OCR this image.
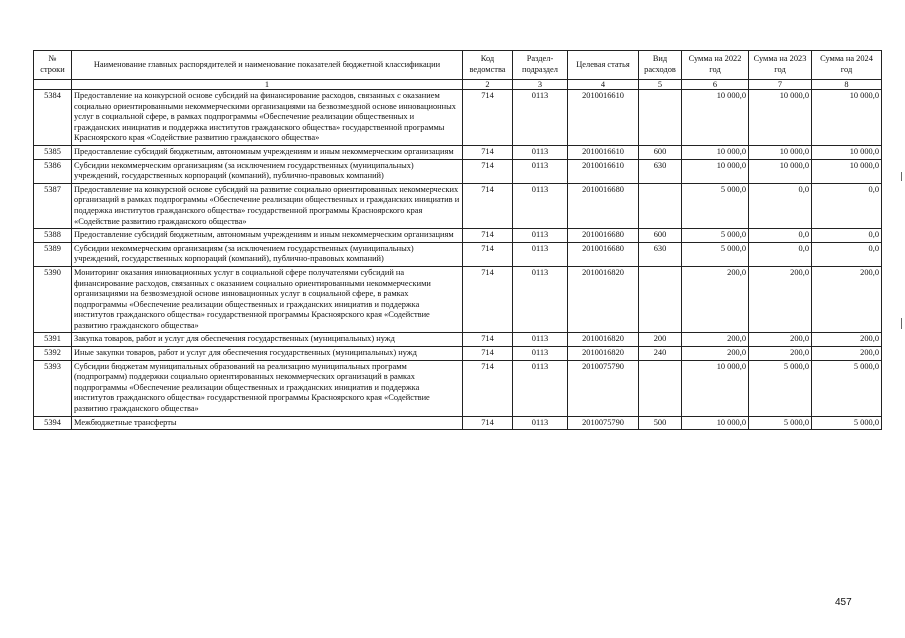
№ строки	Наименование главных распорядителей и наименование показателей бюджетной классификации	Код ведомства	Раздел-подраздел	Целевая статья	Вид расходов	Сумма на 2022 год	Сумма на 2023 год	Сумма на 2024 год
	1	2	3	4	5	6	7	8
5384	Предоставление на конкурсной основе субсидий на финансирование расходов, связанных с оказанием социально ориентированными некоммерческими организациями на безвозмездной основе инновационных услуг в социальной сфере, в рамках подпрограммы «Обеспечение реализации общественных и гражданских инициатив и поддержка институтов гражданского общества» государственной программы Красноярского края «Содействие развитию гражданского общества»	714	0113	2010016610		10 000,0	10 000,0	10 000,0
5385	Предоставление субсидий бюджетным, автономным учреждениям и иным некоммерческим организациям	714	0113	2010016610	600	10 000,0	10 000,0	10 000,0
5386	Субсидии некоммерческим организациям (за исключением государственных (муниципальных) учреждений, государственных корпораций (компаний), публично-правовых компаний)	714	0113	2010016610	630	10 000,0	10 000,0	10 000,0
5387	Предоставление на конкурсной основе субсидий на развитие социально ориентированных некоммерческих организаций в рамках подпрограммы «Обеспечение реализации общественных и гражданских инициатив и поддержка институтов гражданского общества» государственной программы Красноярского края «Содействие развитию гражданского общества»	714	0113	2010016680		5 000,0	0,0	0,0
5388	Предоставление субсидий бюджетным, автономным учреждениям и иным некоммерческим организациям	714	0113	2010016680	600	5 000,0	0,0	0,0
5389	Субсидии некоммерческим организациям (за исключением государственных (муниципальных) учреждений, государственных корпораций (компаний), публично-правовых компаний)	714	0113	2010016680	630	5 000,0	0,0	0,0
5390	Мониторинг оказания инновационных услуг в социальной сфере получателями субсидий на финансирование расходов, связанных с оказанием социально ориентированными некоммерческими организациями на безвозмездной основе инновационных услуг в социальной сфере, в рамках подпрограммы «Обеспечение реализации общественных и гражданских инициатив и поддержка институтов гражданского общества» государственной программы Красноярского края «Содействие развитию гражданского общества»	714	0113	2010016820		200,0	200,0	200,0
5391	Закупка товаров, работ и услуг для обеспечения государственных (муниципальных) нужд	714	0113	2010016820	200	200,0	200,0	200,0
5392	Иные закупки товаров, работ и услуг для обеспечения государственных (муниципальных) нужд	714	0113	2010016820	240	200,0	200,0	200,0
5393	Субсидии бюджетам муниципальных образований на реализацию муниципальных программ (подпрограмм) поддержки социально ориентированных некоммерческих организаций в рамках подпрограммы «Обеспечение реализации общественных и гражданских инициатив и поддержка институтов гражданского общества» государственной программы Красноярского края «Содействие развитию гражданского общества»	714	0113	2010075790		10 000,0	5 000,0	5 000,0
5394	Межбюджетные трансферты	714	0113	2010075790	500	10 000,0	5 000,0	5 000,0
457
